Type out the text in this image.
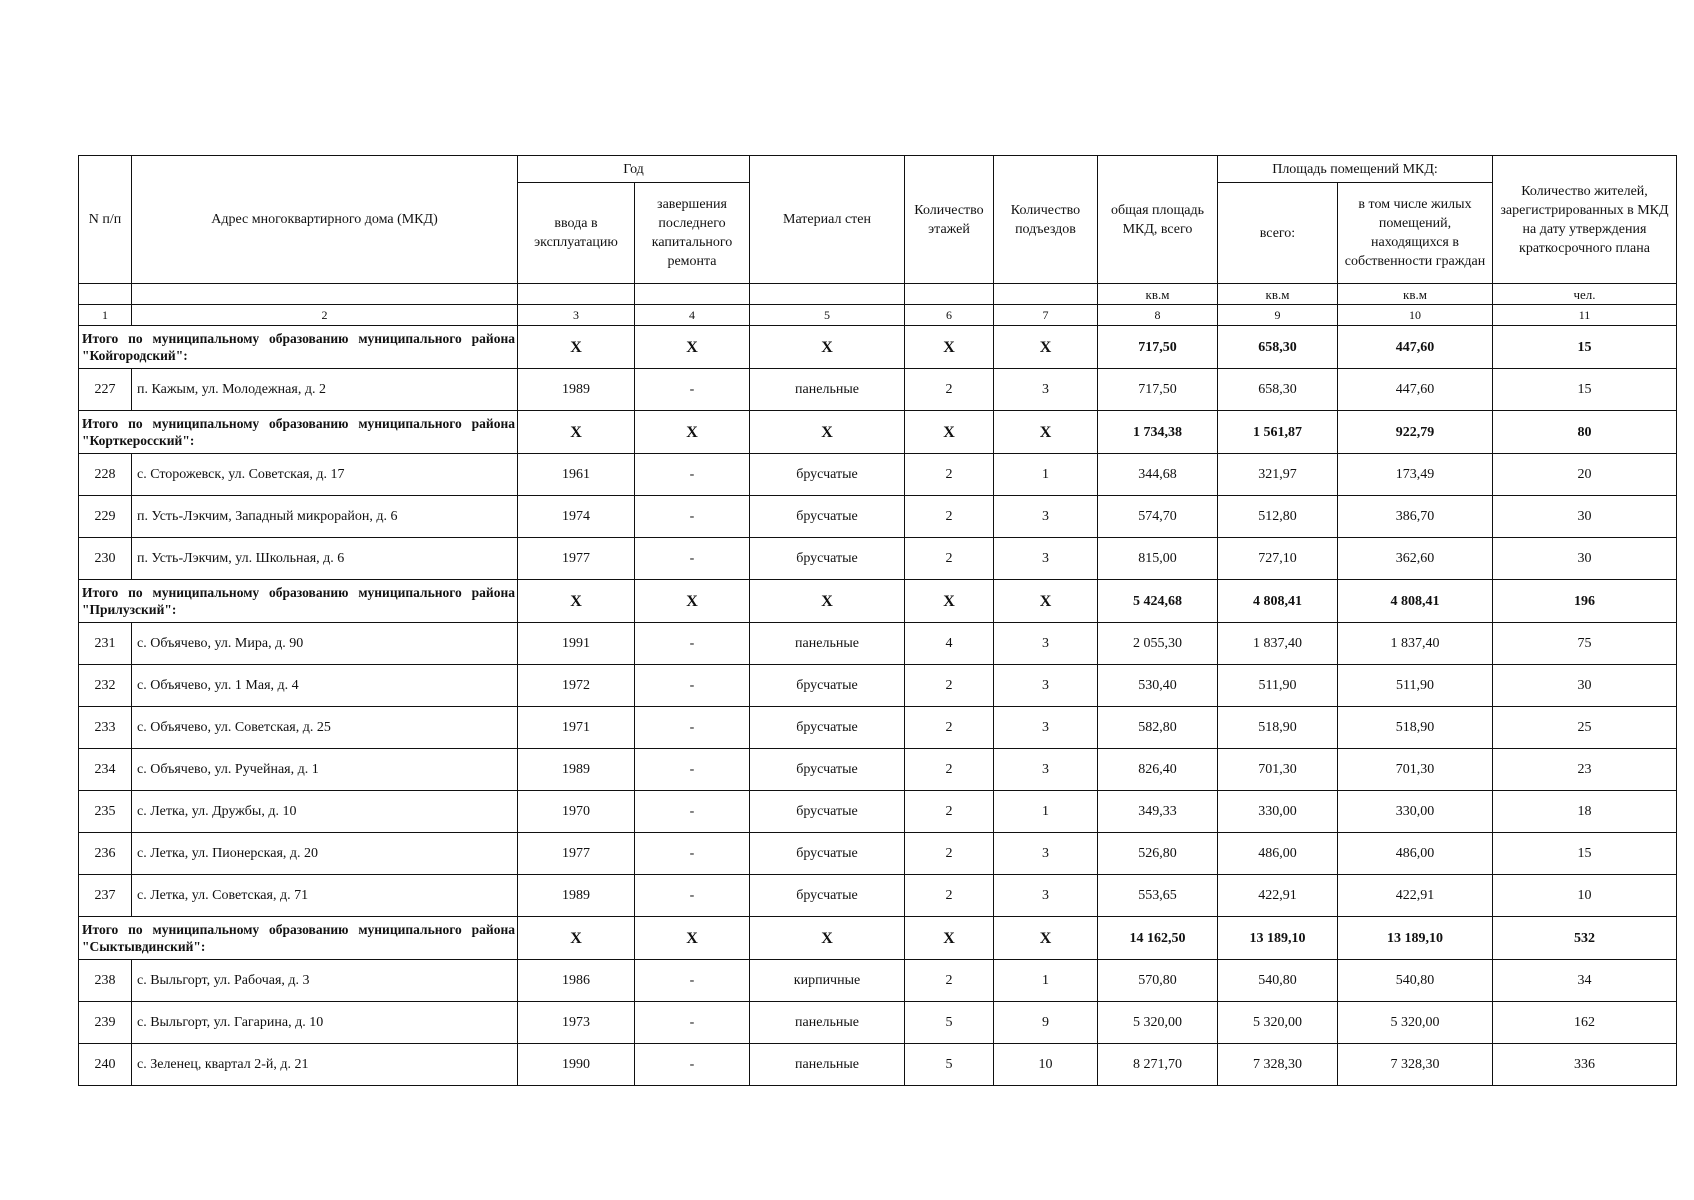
N п/п	Адрес многоквартирного дома (МКД)	Год		Материал стен	Количество этажей	Количество подъездов	общая площадь МКД, всего	Площадь помещений МКД:		Количество жителей, зарегистрированных в МКД на дату утверждения краткосрочного плана
		ввода в эксплуатацию	завершения последнего капитального ремонта					всего:	в том числе жилых помещений, находящихся в собственности граждан	
							кв.м	кв.м	кв.м	чел.
1	2	3	4	5	6	7	8	9	10	11
Итого по муниципальному образованию муниципального района "Койгородский":		X	X	X	X	X	717,50	658,30	447,60	15
227	п. Кажым, ул. Молодежная, д. 2	1989	-	панельные	2	3	717,50	658,30	447,60	15
Итого по муниципальному образованию муниципального района "Корткеросский":		X	X	X	X	X	1 734,38	1 561,87	922,79	80
228	с. Сторожевск, ул. Советская, д. 17	1961	-	брусчатые	2	1	344,68	321,97	173,49	20
229	п. Усть-Лэкчим, Западный микрорайон, д. 6	1974	-	брусчатые	2	3	574,70	512,80	386,70	30
230	п. Усть-Лэкчим, ул. Школьная, д. 6	1977	-	брусчатые	2	3	815,00	727,10	362,60	30
Итого по муниципальному образованию муниципального района "Прилузский":		X	X	X	X	X	5 424,68	4 808,41	4 808,41	196
231	с. Объячево, ул. Мира, д. 90	1991	-	панельные	4	3	2 055,30	1 837,40	1 837,40	75
232	с. Объячево, ул. 1 Мая, д. 4	1972	-	брусчатые	2	3	530,40	511,90	511,90	30
233	с. Объячево, ул. Советская, д. 25	1971	-	брусчатые	2	3	582,80	518,90	518,90	25
234	с. Объячево, ул. Ручейная, д. 1	1989	-	брусчатые	2	3	826,40	701,30	701,30	23
235	с. Летка, ул. Дружбы, д. 10	1970	-	брусчатые	2	1	349,33	330,00	330,00	18
236	с. Летка, ул. Пионерская, д. 20	1977	-	брусчатые	2	3	526,80	486,00	486,00	15
237	с. Летка, ул. Советская, д. 71	1989	-	брусчатые	2	3	553,65	422,91	422,91	10
Итого по муниципальному образованию муниципального района "Сыктывдинский":		X	X	X	X	X	14 162,50	13 189,10	13 189,10	532
238	с. Выльгорт, ул. Рабочая, д. 3	1986	-	кирпичные	2	1	570,80	540,80	540,80	34
239	с. Выльгорт, ул. Гагарина, д. 10	1973	-	панельные	5	9	5 320,00	5 320,00	5 320,00	162
240	с. Зеленец, квартал 2-й, д. 21	1990	-	панельные	5	10	8 271,70	7 328,30	7 328,30	336
